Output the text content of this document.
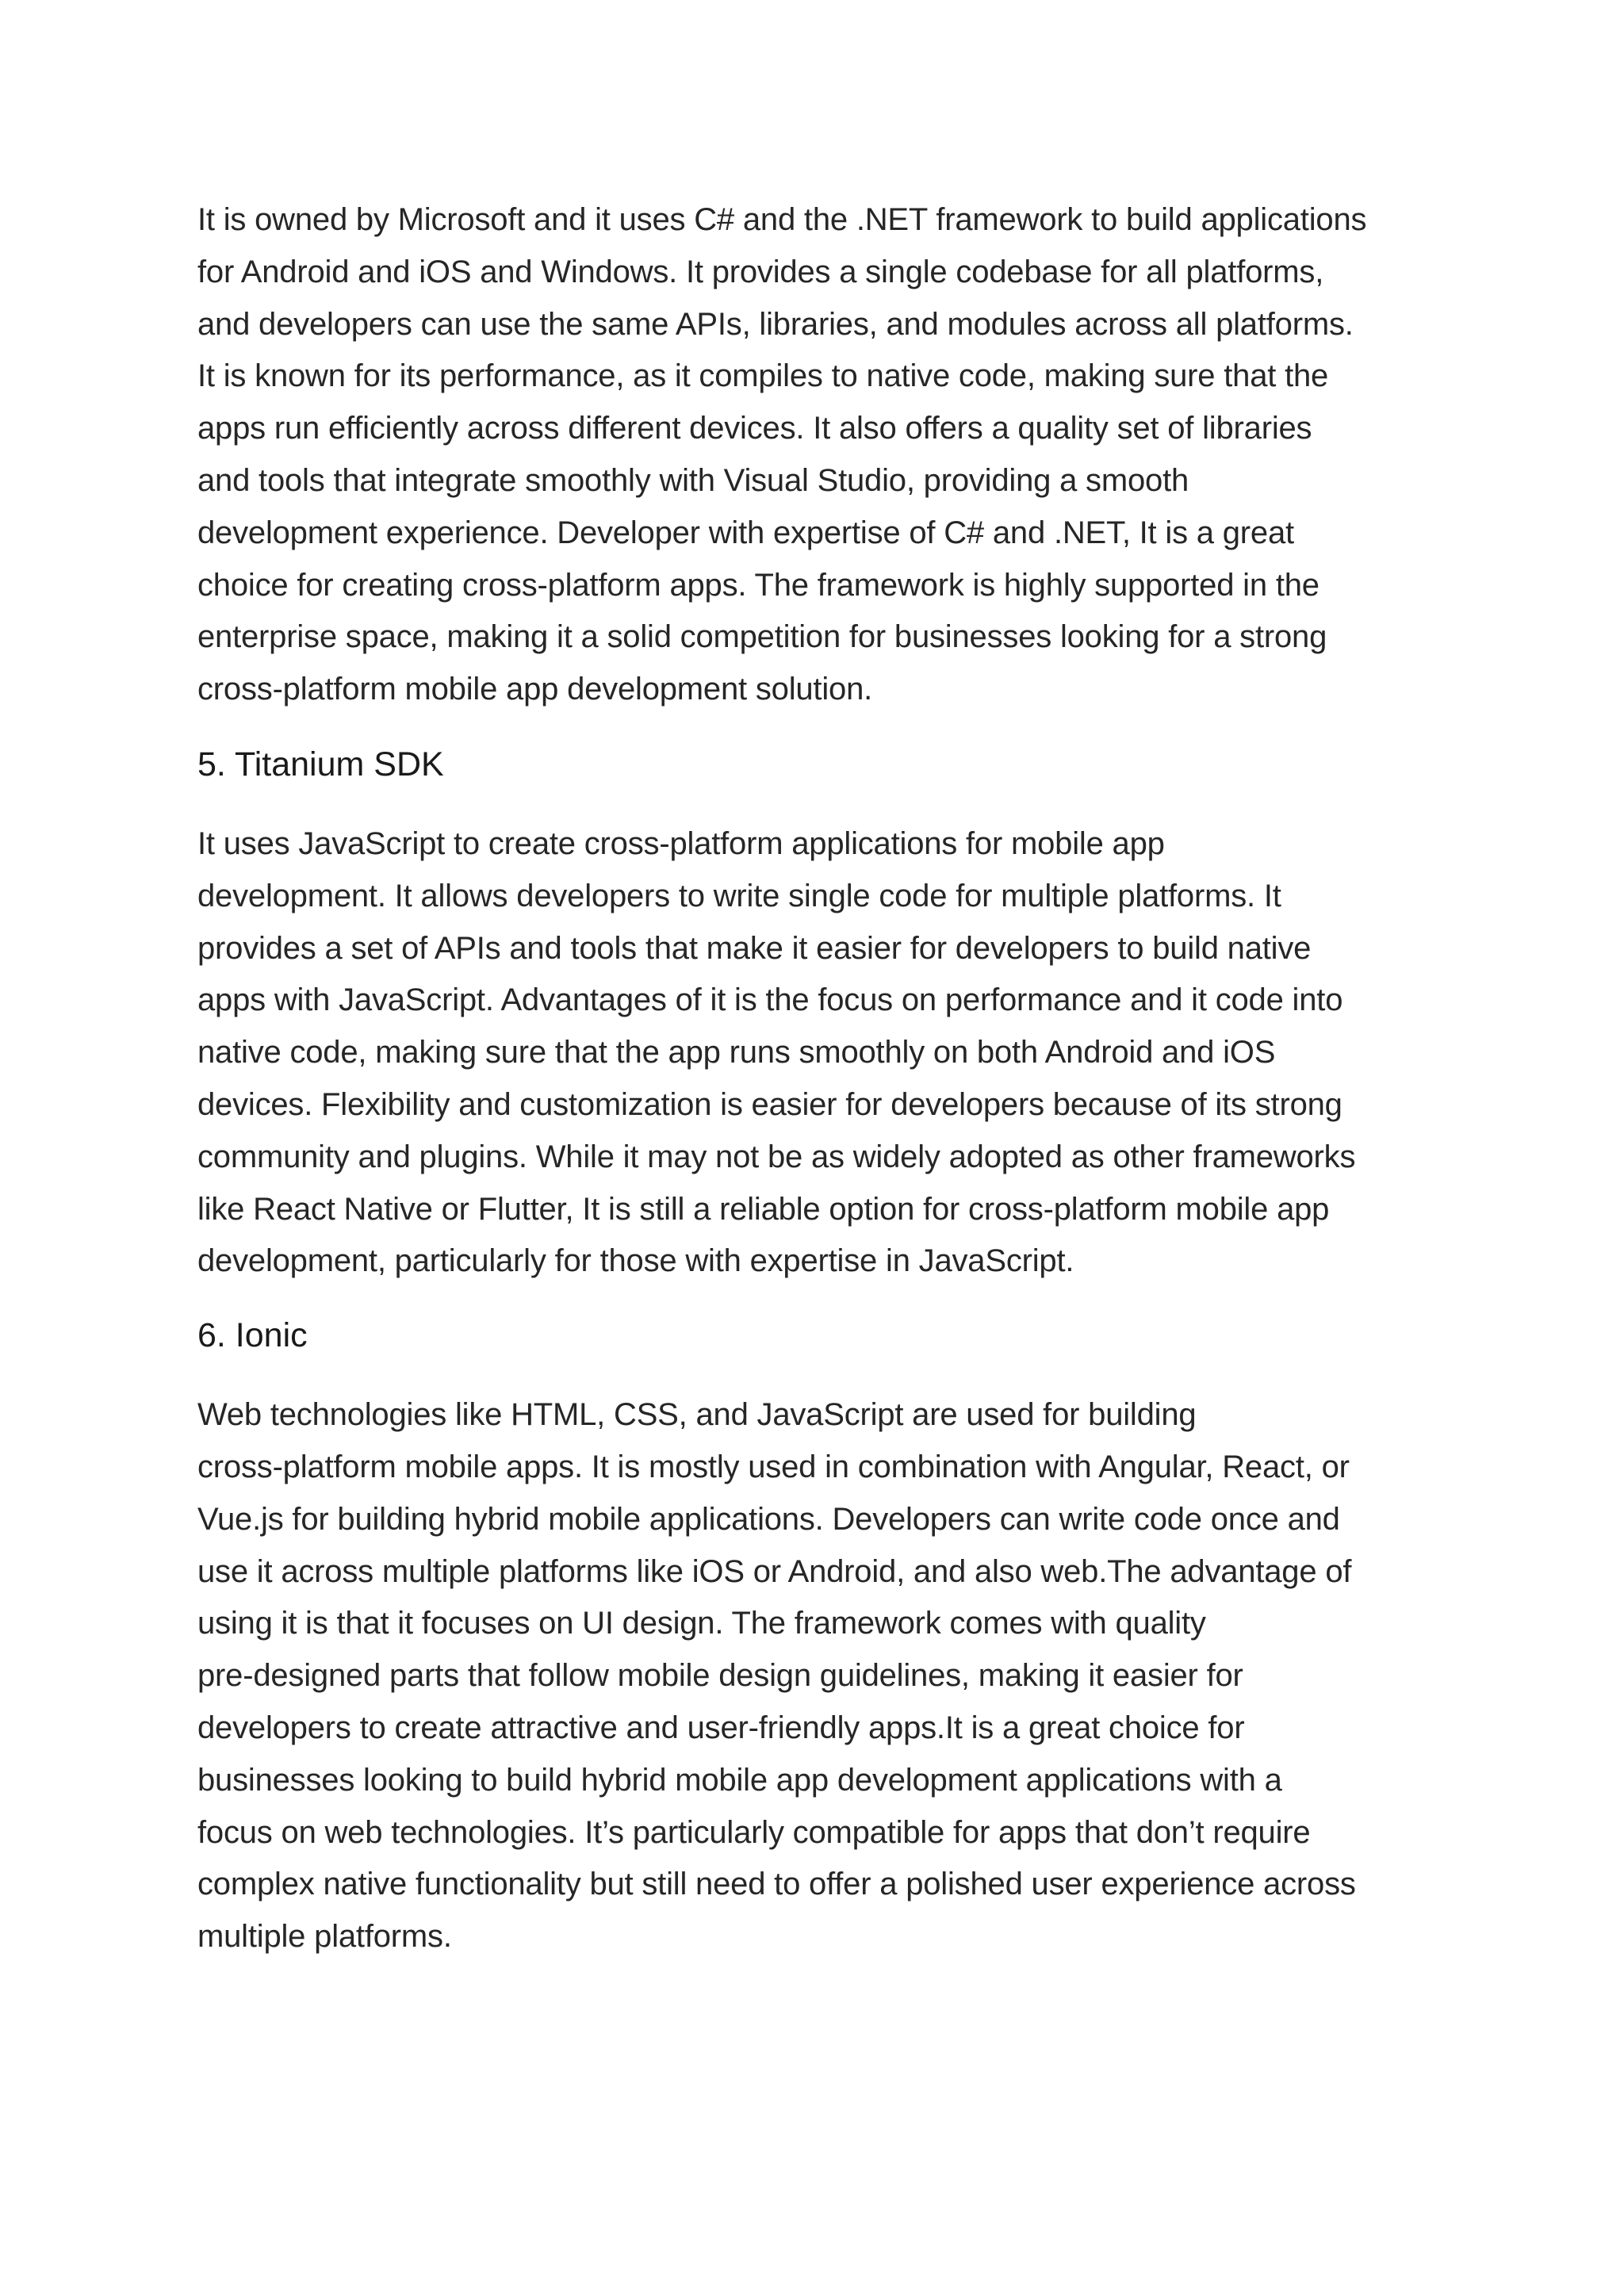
It is owned by Microsoft and it uses C# and the .NET framework to build applications
for Android and iOS and Windows. It provides a single codebase for all platforms,
and developers can use the same APIs, libraries, and modules across all platforms.
It is known for its performance, as it compiles to native code, making sure that the
apps run efficiently across different devices. It also offers a quality set of libraries
and tools that integrate smoothly with Visual Studio, providing a smooth
development experience. Developer with expertise of C# and .NET, It is a great
choice for creating cross-platform apps. The framework is highly supported in the
enterprise space, making it a solid competition for businesses looking for a strong
cross-platform mobile app development solution.

5. Titanium SDK

It uses JavaScript to create cross-platform applications for mobile app
development. It allows developers to write single code for multiple platforms. It
provides a set of APIs and tools that make it easier for developers to build native
apps with JavaScript. Advantages of it is the focus on performance and it code into
native code, making sure that the app runs smoothly on both Android and iOS
devices. Flexibility and customization is easier for developers because of its strong
community and plugins. While it may not be as widely adopted as other frameworks
like React Native or Flutter, It is still a reliable option for cross-platform mobile app
development, particularly for those with expertise in JavaScript.

6. Ionic

Web technologies like HTML, CSS, and JavaScript are used for building
cross-platform mobile apps. It is mostly used in combination with Angular, React, or
Vue.js for building hybrid mobile applications. Developers can write code once and
use it across multiple platforms like iOS or Android, and also web.The advantage of
using it is that it focuses on UI design. The framework comes with quality
pre-designed parts that follow mobile design guidelines, making it easier for
developers to create attractive and user-friendly apps.It is a great choice for
businesses looking to build hybrid mobile app development applications with a
focus on web technologies. It’s particularly compatible for apps that don’t require
complex native functionality but still need to offer a polished user experience across
multiple platforms.
